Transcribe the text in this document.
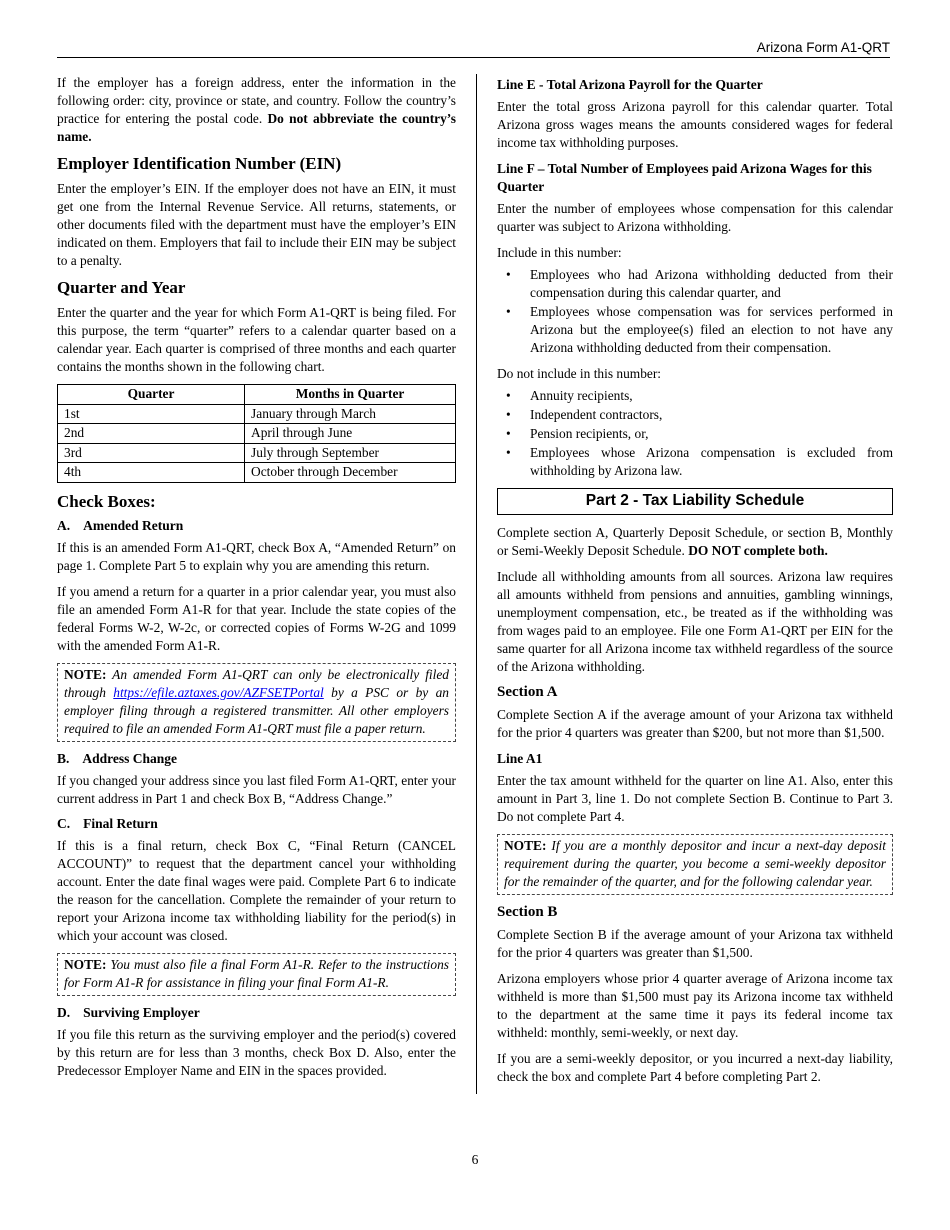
Arizona Form A1-QRT

If the employer has a foreign address, enter the information in the following order: city, province or state, and country. Follow the country’s practice for entering the postal code. Do not abbreviate the country’s name.

Employer Identification Number (EIN)

Enter the employer’s EIN. If the employer does not have an EIN, it must get one from the Internal Revenue Service. All returns, statements, or other documents filed with the department must have the employer’s EIN indicated on them. Employers that fail to include their EIN may be subject to a penalty.

Quarter and Year

Enter the quarter and the year for which Form A1-QRT is being filed. For this purpose, the term “quarter” refers to a calendar quarter based on a calendar year. Each quarter is comprised of three months and each quarter contains the months shown in the following chart.

Quarter	Months in Quarter
1st	January through March
2nd	April through June
3rd	July through September
4th	October through December
Check Boxes:
A. Amended Return

If this is an amended Form A1-QRT, check Box A, “Amended Return” on page 1. Complete Part 5 to explain why you are amending this return.

If you amend a return for a quarter in a prior calendar year, you must also file an amended Form A1-R for that year. Include the state copies of the federal Forms W-2, W-2c, or corrected copies of Forms W-2G and 1099 with the amended Form A1-R.

NOTE: An amended Form A1-QRT can only be electronically filed through https://efile.aztaxes.gov/AZFSETPortal by a PSC or by an employer filing through a registered transmitter. All other employers required to file an amended Form A1-QRT must file a paper return.
B. Address Change

If you changed your address since you last filed Form A1-QRT, enter your current address in Part 1 and check Box B, “Address Change.”

C. Final Return

If this is a final return, check Box C, “Final Return (CANCEL ACCOUNT)” to request that the department cancel your withholding account. Enter the date final wages were paid. Complete Part 6 to indicate the reason for the cancellation. Complete the remainder of your return to report your Arizona income tax withholding liability for the period(s) in which your account was closed.

NOTE: You must also file a final Form A1-R. Refer to the instructions for Form A1-R for assistance in filing your final Form A1-R.
D. Surviving Employer

If you file this return as the surviving employer and the period(s) covered by this return are for less than 3 months, check Box D. Also, enter the Predecessor Employer Name and EIN in the spaces provided.

Line E - Total Arizona Payroll for the Quarter

Enter the total gross Arizona payroll for this calendar quarter. Total Arizona gross wages means the amounts considered wages for federal income tax withholding purposes.

Line F – Total Number of Employees paid Arizona Wages for this Quarter

Enter the number of employees whose compensation for this calendar quarter was subject to Arizona withholding.

Include in this number:

• Employees who had Arizona withholding deducted from their compensation during this calendar quarter, and
• Employees whose compensation was for services performed in Arizona but the employee(s) filed an election to not have any Arizona withholding deducted from their compensation.

Do not include in this number:

• Annuity recipients,
• Independent contractors,
• Pension recipients, or,
• Employees whose Arizona compensation is excluded from withholding by Arizona law.
Part 2 - Tax Liability Schedule

Complete section A, Quarterly Deposit Schedule, or section B, Monthly or Semi-Weekly Deposit Schedule. DO NOT complete both.

Include all withholding amounts from all sources. Arizona law requires all amounts withheld from pensions and annuities, gambling winnings, unemployment compensation, etc., be treated as if the withholding was from wages paid to an employee. File one Form A1-QRT per EIN for the same quarter for all Arizona income tax withheld regardless of the source of the Arizona withholding.

Section A

Complete Section A if the average amount of your Arizona tax withheld for the prior 4 quarters was greater than $200, but not more than $1,500.

Line A1

Enter the tax amount withheld for the quarter on line A1. Also, enter this amount in Part 3, line 1. Do not complete Section B. Continue to Part 3. Do not complete Part 4.

NOTE: If you are a monthly depositor and incur a next-day deposit requirement during the quarter, you become a semi-weekly depositor for the remainder of the quarter, and for the following calendar year.
Section B

Complete Section B if the average amount of your Arizona tax withheld for the prior 4 quarters was greater than $1,500.

Arizona employers whose prior 4 quarter average of Arizona income tax withheld is more than $1,500 must pay its Arizona income tax withheld to the department at the same time it pays its federal income tax withheld: monthly, semi-weekly, or next day.

If you are a semi-weekly depositor, or you incurred a next-day liability, check the box and complete Part 4 before completing Part 2.

6
